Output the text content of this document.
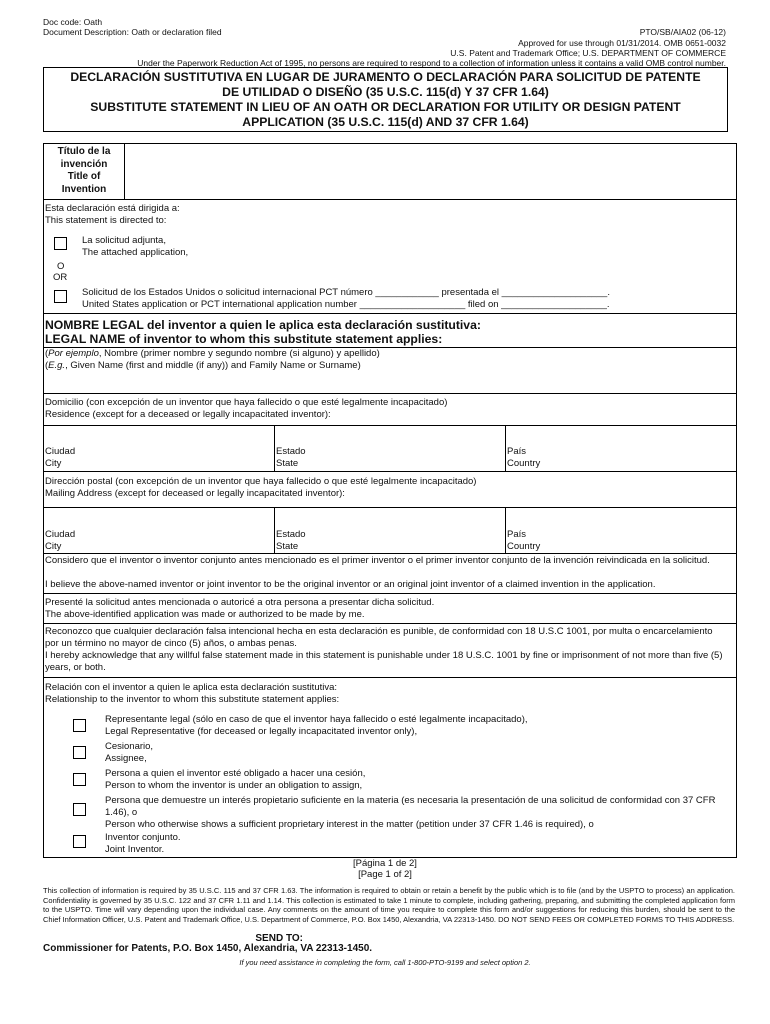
Doc code: Oath
Document Description: Oath or declaration filed	PTO/SB/AIA02 (06-12)
Approved for use through 01/31/2014. OMB 0651-0032
U.S. Patent and Trademark Office; U.S. DEPARTMENT OF COMMERCE
Under the Paperwork Reduction Act of 1995, no persons are required to respond to a collection of information unless it contains a valid OMB control number.
DECLARACIÓN SUSTITUTIVA EN LUGAR DE JURAMENTO O DECLARACIÓN PARA SOLICITUD DE PATENTE
DE UTILIDAD O DISEÑO (35 U.S.C. 115(d) Y 37 CFR 1.64)
SUBSTITUTE STATEMENT IN LIEU OF AN OATH OR DECLARATION FOR UTILITY OR DESIGN PATENT
APPLICATION (35 U.S.C. 115(d) AND 37 CFR 1.64)
Título de la
invención
Title of
Invention
Esta declaración está dirigida a:
This statement is directed to:
La solicitud adjunta,
The attached application,
O
OR
Solicitud de los Estados Unidos o solicitud internacional PCT número ____________ presentada el ____________________.
United States application or PCT international application number ____________________ filed on ____________________.
NOMBRE LEGAL del inventor a quien le aplica esta declaración sustitutiva:
LEGAL NAME of inventor to whom this substitute statement applies:
(Por ejemplo, Nombre (primer nombre y segundo nombre (si alguno) y apellido)
(E.g., Given Name (first and middle (if any)) and Family Name or Surname)
Domicilio (con excepción de un inventor que haya fallecido o que esté legalmente incapacitado)
Residence (except for a deceased or legally incapacitated inventor):
Ciudad
City
Estado
State
País
Country
Dirección postal (con excepción de un inventor que haya fallecido o que esté legalmente incapacitado)
Mailing Address (except for deceased or legally incapacitated inventor):
Ciudad
City
Estado
State
País
Country
Considero que el inventor o inventor conjunto antes mencionado es el primer inventor o el primer inventor conjunto de la invención reivindicada en la solicitud.
I believe the above-named inventor or joint inventor to be the original inventor or an original joint inventor of a claimed invention in the application.
Presenté la solicitud antes mencionada o autoricé a otra persona a presentar dicha solicitud.
The above-identified application was made or authorized to be made by me.
Reconozco que cualquier declaración falsa intencional hecha en esta declaración es punible, de conformidad con 18 U.S.C 1001, por multa o encarcelamiento por un término no mayor de cinco (5) años, o ambas penas.
I hereby acknowledge that any willful false statement made in this statement is punishable under 18 U.S.C. 1001 by fine or imprisonment of not more than five (5) years, or both.
Relación con el inventor a quien le aplica esta declaración sustitutiva:
Relationship to the inventor to whom this substitute statement applies:
Representante legal (sólo en caso de que el inventor haya fallecido o esté legalmente incapacitado),
Legal Representative (for deceased or legally incapacitated inventor only),
Cesionario,
Assignee,
Persona a quien el inventor esté obligado a hacer una cesión,
Person to whom the inventor is under an obligation to assign,
Persona que demuestre un interés propietario suficiente en la materia (es necesaria la presentación de una solicitud de conformidad con 37 CFR 1.46), o
Person who otherwise shows a sufficient proprietary interest in the matter (petition under 37 CFR 1.46 is required), o
Inventor conjunto.
Joint Inventor.
[Página 1 de 2]
[Page 1 of 2]
This collection of information is required by 35 U.S.C. 115 and 37 CFR 1.63. The information is required to obtain or retain a benefit by the public which is to file (and by the USPTO to process) an application. Confidentiality is governed by 35 U.S.C. 122 and 37 CFR 1.11 and 1.14. This collection is estimated to take 1 minute to complete, including gathering, preparing, and submitting the completed application form to the USPTO. Time will vary depending upon the individual case. Any comments on the amount of time you require to complete this form and/or suggestions for reducing this burden, should be sent to the Chief Information Officer, U.S. Patent and Trademark Office, U.S. Department of Commerce, P.O. Box 1450, Alexandria, VA 22313-1450. DO NOT SEND FEES OR COMPLETED FORMS TO THIS ADDRESS.
SEND TO:
Commissioner for Patents, P.O. Box 1450, Alexandria, VA 22313-1450.
If you need assistance in completing the form, call 1-800-PTO-9199 and select option 2.
